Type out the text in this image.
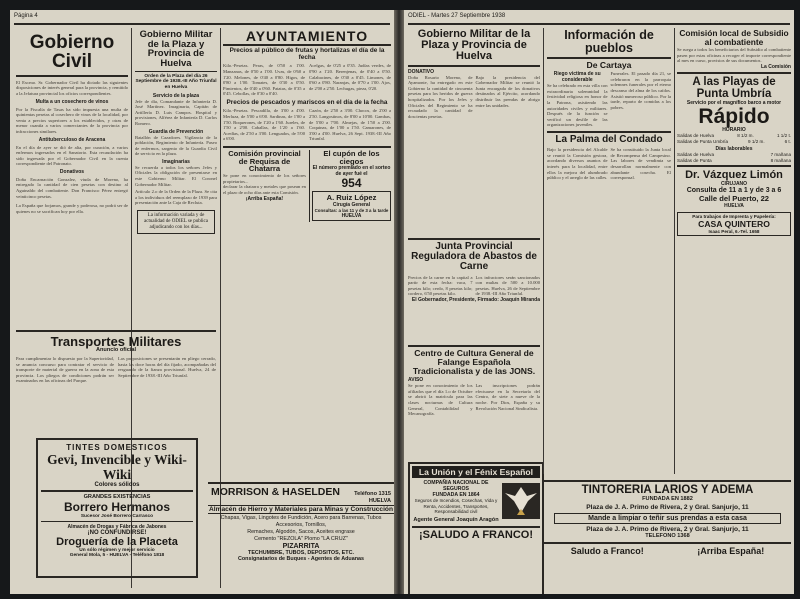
Página 4
Gobierno Civil
El Excmo. Sr. Gobernador Civil ha dictado las siguientes disposiciones de interés general para la provincia, y remitido a la Jefatura provincial los oficios correspondientes.
Multa a un cosechero de vinos
Por la Fiscalía de Tasas ha sido impuesta una multa de quinientas pesetas al cosechero de vinos de la localidad, por venta a precios superiores a los establecidos, y otras de menor cuantía a varios comerciantes de la provincia por infracciones similares.
Antituberculoso de Aracena
En el día de ayer se dió de alta, por curación, a varios enfermos ingresados en el Sanatorio. Esta recaudación ha sido ingresada por el Gobernador Civil en la cuenta correspondiente del Patronato.
Donativos
Doña Encarnación Gonzalez, viuda de Moreno, ha entregado la cantidad de cien pesetas con destino al Aguinaldo del combatiente. Don Francisco Pérez entregó veinticinco pesetas.
La España que forjamos, grande y poderosa, no podrá ser de quienes no se sacrifican hoy por ella.
Gobierno Militar de la Plaza y Provincia de Huelva
Orden de la Plaza del día 26 Septiembre de 1938.-III Año Triunfal en Huelva
Servicio de la plaza
Jefe de día, Comandante de Infantería D. José Martínez. Imaginaria, Capitán de Artillería D. Luis Campos. Hospital y provisiones, Alférez de Infantería D. Carlos Romero.
Guardia de Prevención
Batallón de Cazadores. Vigilancia de la población, Regimiento de Infantería. Paseo de enfermos, sargento de la Guardia Civil de servicio en la plaza.
Imaginarias
Se recuerda a todos los señores Jefes y Oficiales la obligación de presentarse en este Gobierno Militar. El Coronel Gobernador Militar.
Artículo 2.o de la Orden de la Plaza. Se cita a los individuos del reemplazo de 1939 para presentación ante la Caja de Recluta.
La información variada y de actualidad de ODIEL se publica adjudicando con los días...
AYUNTAMIENTO
Precios al público de frutas y hortalizas el día de la fecha
Kilo.-Pesetas. Peras, de 0'50 a 1'00. Manzanas, de 0'50 a 1'00. Uvas, de 0'60 a 1'20. Melones, de 0'40 a 0'80. Higos, de 0'80 a 1'00. Tomates, de 0'30 a 0'50. Pimientos, de 0'40 a 0'60. Patatas, de 0'35 a 0'45. Cebollas, de 0'30 a 0'40.
Acelgas, de 0'25 a 0'35. Judías verdes, de 0'90 a 1'20. Berenjenas, de 0'40 a 0'50. Calabacines, de 0'30 a 0'45. Limones, de 0'60 a 0'80. Naranjas, de 0'70 a 1'00. Ajos, de 2'00 a 2'50. Lechugas, pieza, 0'20.
Precios de pescados y mariscos en el día de la fecha
Kilo.-Pesetas. Pescadilla, de 3'00 a 4'00. Merluza, de 5'00 a 6'00. Sardinas, de 1'00 a 1'50. Boquerones, de 1'20 a 1'60. Jureles, de 1'50 a 2'00. Caballas, de 1'20 a 1'60. Acedías, de 2'50 a 3'00. Lenguados, de 5'00 a 6'00.
Cazón, de 2'50 a 3'00. Chocos, de 2'00 a 2'50. Langostinos, de 8'00 a 10'00. Gambas, de 5'00 a 7'00. Almejas, de 1'50 a 2'00. Coquinas, de 1'00 a 1'50. Camarones, de 3'00 a 4'00. Huelva, 26 Sept. 1938.-III Año Triunfal.
Comisión provincial de Requisa de Chatarra
Se pone en conocimiento de los señores propietarios...
declarar la chatarra y metales que posean en el plazo de ocho días ante esta Comisión.
¡Arriba España!
El cupón de los ciegos
El número premiado en el sorteo de ayer fué el
954
A. Ruiz López
Cirugía General
Consultas: a las 11 y de 3 a la tarde
HUELVA
Transportes Militares
Anuncio oficial
Para cumplimentar lo dispuesto por la Superioridad, se anuncia concurso para contratar el servicio de transporte de material de guerra en la zona de esta provincia. Los pliegos de condiciones podrán ser examinados en las oficinas del Parque.
Las proposiciones se presentarán en pliego cerrado, hasta las doce horas del día fijado, acompañadas del resguardo de la fianza provisional. Huelva, 24 de Septiembre de 1938.-III Año Triunfal.
TINTES DOMESTICOS
Gevi, Invencible y Wiki-Wiki
Colores sólidos
GRANDES EXISTENCIAS
Borrero Hermanos
Sucesor José Borrero Carrasco
Almacén de Drogas y Fábrica de Jabones
¡NO CONFUNDIRSE!
Droguería de la Placeta
Un sólo régimen y mejor servicio
General Mola, 5 - HUELVA - Teléfono 1818
MORRISON & HASELDEN	Teléfono 1315
HUELVA
Almacén de Hierro y Materiales para Minas y Construcción
Chapas, Vigas, Lingotes de Fundición, Acero para Barrenas, Tubos Accesorios, Tornillos,
Remaches, Algodón, Sacos, Aceites engrase
Cemento "REZOLA" Plomo "LA CRUZ"
PIZARRITA
TECHUMBRE, TUBOS, DEPOSITOS, ETC.
Consignatarios de Buques - Agentes de Aduanas
ODIEL - Martes 27 Septiembre 1938
Gobierno Militar de la Plaza y Provincia de Huelva
DONATIVO
Doña Rosario Moreno, de Ayamonte, ha entregado en este Gobierno la cantidad de cincuenta pesetas para los heridos de guerra hospitalizados. Por los Jefes y Oficiales del Regimiento se ha recaudado la cantidad de doscientas pesetas.
Bajo la presidencia del Gobernador Militar se reunió la Junta encargada de los donativos destinados al Ejército, acordando distribuir las prendas de abrigo entre las unidades.
Junta Provincial Reguladora de Abastos de Carne
Precios de la carne en la capital a partir de esta fecha: vaca, 7 pesetas kilo; cerdo, 8 pesetas kilo; cordero, 6'50 pesetas kilo.
Los infractores serán sancionados con multas de 500 a 10.000 pesetas. Huelva, 26 de Septiembre de 1938.-III Año Triunfal.
El Gobernador, Presidente, Firmado: Joaquín Miranda
Centro de Cultura General de Falange Española Tradicionalista y de las JONS.
AVISO
Se pone en conocimiento de los afiliados que el día 1.o de Octubre se abrirá la matrícula para las clases nocturnas de Cultura General, Contabilidad y Mecanografía.
Las inscripciones podrán efectuarse en la Secretaría del Centro, de siete a nueve de la noche. Por Dios, España y su Revolución Nacional Sindicalista.
La Unión y el Fénix Español
COMPAÑIA NACIONAL DE SEGUROS
FUNDADA EN 1864
Seguros de Incendios, Cosechas, Vida y Renta, Accidentes, Transportes, Responsabilidad civil
Agente General Joaquín Aragón
¡SALUDO A FRANCO!
Información de pueblos
De Cartaya
Riego victima de su considerable
Se ha celebrado en esta villa con extraordinaria solemnidad la festividad religiosa en honor de la Patrona, asistiendo las autoridades civiles y militares. Después de la función se verificó un desfile de las organizaciones juveniles.
Funerales. El pasado día 21, se celebraron en la parroquia solemnes funerales por el eterno descanso del alma de los caídos. Asistió numeroso público. Por la tarde, reparto de comidas a los pobres.
La Palma del Condado
Bajo la presidencia del Alcalde se reunió la Comisión gestora, acordando diversos asuntos de interés para la localidad, entre ellos la mejora del alumbrado público y el arreglo de las calles.
Se ha constituido la Junta local de Recompensa del Campesino. Las labores de vendimia se desarrollan normalmente con abundante cosecha. El corresponsal.
Comisión local de Subsidio al combatiente
Se ruega a todos los beneficiarios del Subsidio al combatiente pasen por estas oficinas a recoger el importe correspondiente al mes en curso, provistos de sus documentos.
La Comisión
A las Playas de Punta Umbría
Servicio por el magnífico barco a motor
Rápido
HORARIO
Salidas de Huelva	8 1/2 m.	1 1/2 t.
Salidas de Punta Umbría	9 1/2 m.	6 t.
Días laborables
Salidas de Huelva	7 mañana
Salidas de Punta	8 mañana
Dr. Vázquez Limón
CIRUJANO
Consulta de 11 a 1 y de 3 a 6
Calle del Puerto, 22
HUELVA
Para trabajos de Imprenta y Papelería:
CASA QUINTERO
Isaac Peral, 6.-Tel. 1658
TINTORERIA LARIOS Y ADEMA
FUNDADA EN 1882
Plaza de J. A. Primo de Rivera, 2 y Gral. Sanjurjo, 11
Mande a limpiar o teñir sus prendas a esta casa
Plaza de J. A. Primo de Rivera, 2 y Gral. Sanjurjo, 11
TELEFONO 1368
Saludo a Franco!	¡Arriba España!
